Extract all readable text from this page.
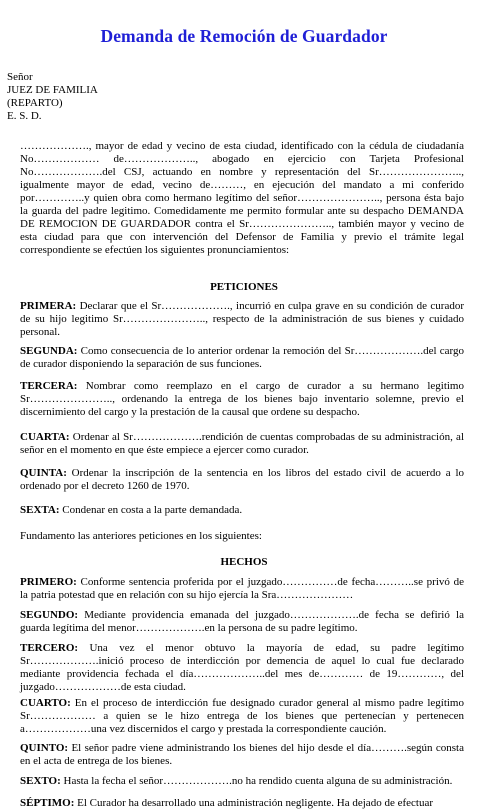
Demanda de Remoción de Guardador
Señor
JUEZ DE FAMILIA
(REPARTO)
E. S. D.
………………., mayor de edad y vecino de esta ciudad, identificado con la cédula de ciudadanía No……………… de……………….., abogado en ejercicio con Tarjeta Profesional No……………….del CSJ, actuando en nombre y representación del Sr………………….., igualmente mayor de edad, vecino de………, en ejecución del mandato a mi conferido por…………..y quien obra como hermano legítimo del señor………………….., persona ésta bajo la guarda del padre legitimo. Comedidamente me permito formular ante su despacho DEMANDA DE REMOCION DE GUARDADOR contra el Sr………………….., también mayor y vecino de esta ciudad para que con intervención del Defensor de Familia y previo el trámite legal correspondiente se efectúen los siguientes pronunciamientos:
PETICIONES
PRIMERA: Declarar que el Sr………………., incurrió en culpa grave en su condición de curador de su hijo legitimo Sr………………….., respecto de la administración de sus bienes y cuidado personal.
SEGUNDA: Como consecuencia de lo anterior ordenar la remoción del Sr……………….del cargo de curador disponiendo la separación de sus funciones.
TERCERA: Nombrar como reemplazo en el cargo de curador a su hermano legitimo Sr………………….., ordenando la entrega de los bienes bajo inventario solemne, previo el discernimiento del cargo y la prestación de la causal que ordene su despacho.
CUARTA: Ordenar al Sr……………….rendición de cuentas comprobadas de su administración, al señor en el momento en que éste empiece a ejercer como curador.
QUINTA: Ordenar la inscripción de la sentencia en los libros del estado civil de acuerdo a lo ordenado por el decreto 1260 de 1970.
SEXTA: Condenar en costa a la parte demandada.
Fundamento las anteriores peticiones en los siguientes:
HECHOS
PRIMERO: Conforme sentencia proferida por el juzgado……………de fecha………..se privó de la patria potestad que en relación con su hijo ejercía la Sra…………………
SEGUNDO: Mediante providencia emanada del juzgado……………….de fecha se defirió la guarda legítima del menor……………….en la persona de su padre legítimo.
TERCERO: Una vez el menor obtuvo la mayoría de edad, su padre legítimo Sr……………….inició proceso de interdicción por demencia de aquel lo cual fue declarado mediante providencia fechada el día………………..del mes de………… de 19…………, del juzgado………………de esta ciudad.
CUARTO: En el proceso de interdicción fue designado curador general al mismo padre legítimo Sr……………… a quien se le hizo entrega de los bienes que pertenecían y pertenecen a………………una vez discernidos el cargo y prestada la correspondiente caución.
QUINTO: El señor padre viene administrando los bienes del hijo desde el día……….según consta en el acta de entrega de los bienes.
SEXTO: Hasta la fecha el señor……………….no ha rendido cuenta alguna de su administración.
SÉPTIMO: El Curador ha desarrollado una administración negligente. Ha dejado de efectuar
